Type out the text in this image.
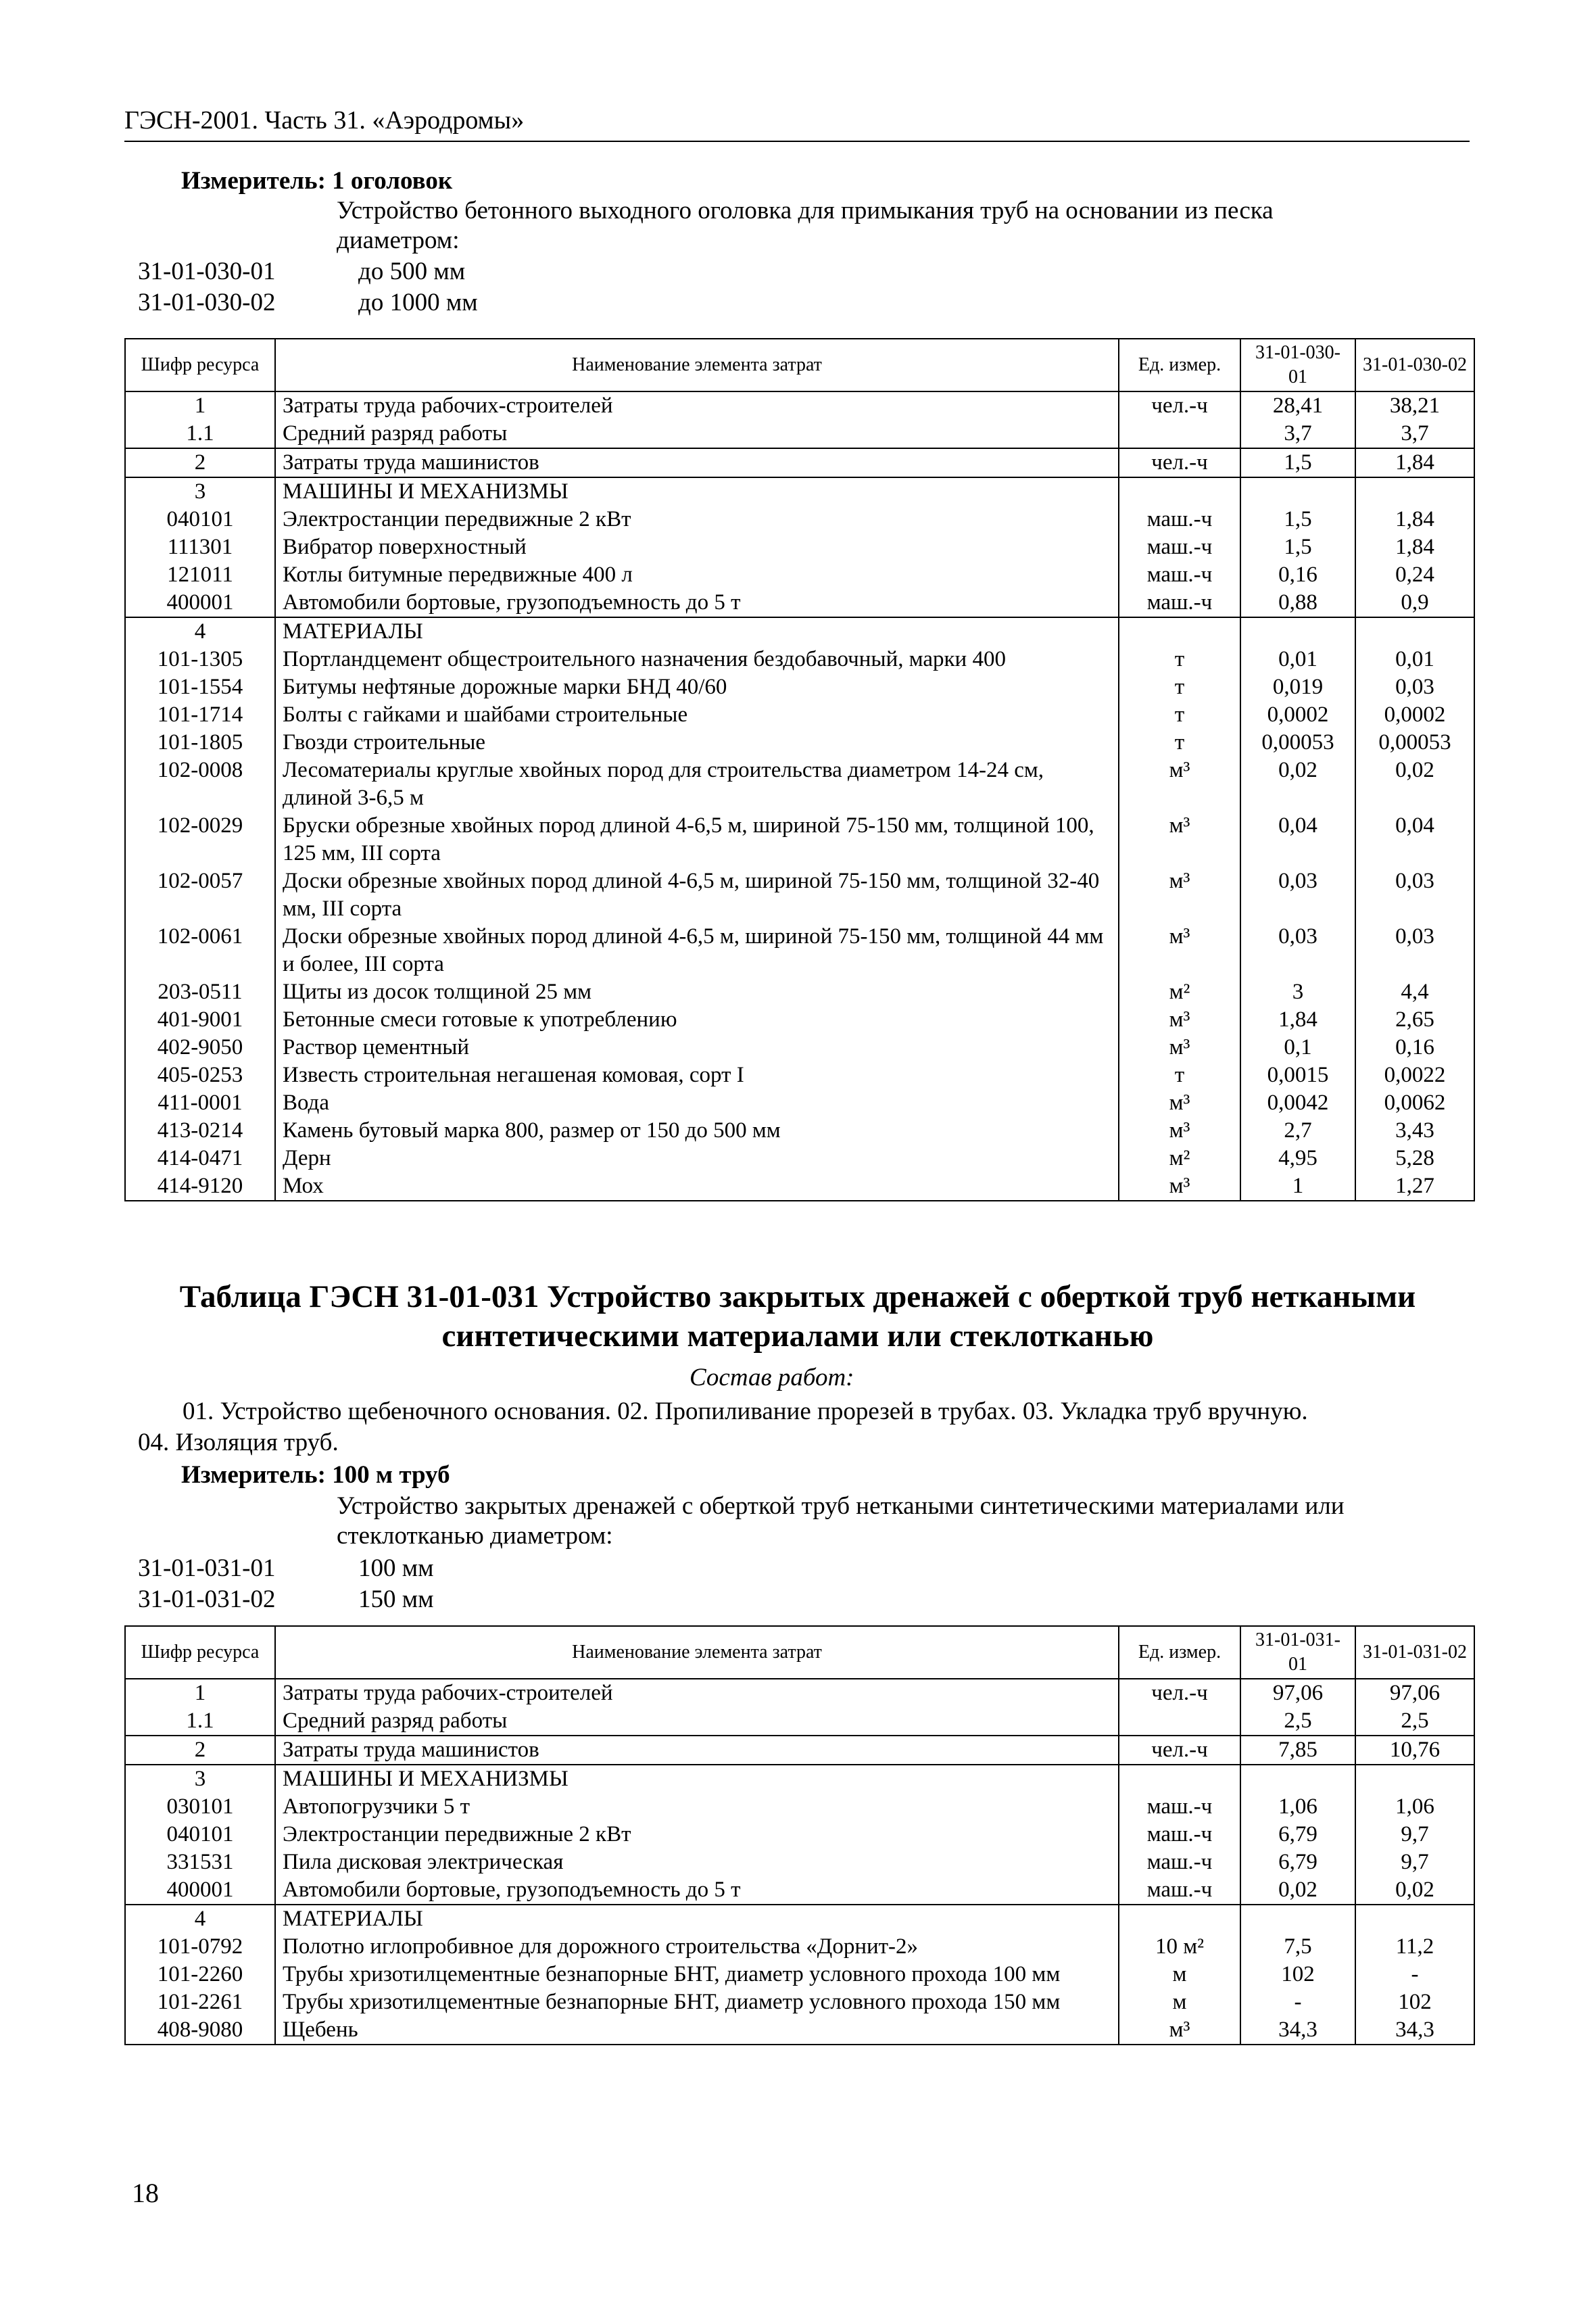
ГЭСН-2001. Часть 31. «Аэродромы»
Измеритель: 1 оголовок
Устройство бетонного выходного оголовка для примыкания труб на основании из песка
диаметром:
31-01-030-01	до 500 мм
31-01-030-02	до 1000 мм
Шифр ресурса	Наименование элемента затрат	Ед. измер.	31-01-030-01	31-01-030-02
1	Затраты труда рабочих-строителей	чел.-ч	28,41	38,21
1.1	Средний разряд работы		3,7	3,7
2	Затраты труда машинистов	чел.-ч	1,5	1,84
3	МАШИНЫ И МЕХАНИЗМЫ			
040101	Электростанции передвижные 2 кВт	маш.-ч	1,5	1,84
111301	Вибратор поверхностный	маш.-ч	1,5	1,84
121011	Котлы битумные передвижные 400 л	маш.-ч	0,16	0,24
400001	Автомобили бортовые, грузоподъемность до 5 т	маш.-ч	0,88	0,9
4	МАТЕРИАЛЫ			
101-1305	Портландцемент общестроительного назначения бездобавочный, марки 400	т	0,01	0,01
101-1554	Битумы нефтяные дорожные марки БНД 40/60	т	0,019	0,03
101-1714	Болты с гайками и шайбами строительные	т	0,0002	0,0002
101-1805	Гвозди строительные	т	0,00053	0,00053
102-0008	Лесоматериалы круглые хвойных пород для строительства диаметром 14-24 см, длиной 3-6,5 м	м³	0,02	0,02
102-0029	Бруски обрезные хвойных пород длиной 4-6,5 м, шириной 75-150 мм, толщиной 100, 125 мм, III сорта	м³	0,04	0,04
102-0057	Доски обрезные хвойных пород длиной 4-6,5 м, шириной 75-150 мм, толщиной 32-40 мм, III сорта	м³	0,03	0,03
102-0061	Доски обрезные хвойных пород длиной 4-6,5 м, шириной 75-150 мм, толщиной 44 мм и более, III сорта	м³	0,03	0,03
203-0511	Щиты из досок толщиной 25 мм	м²	3	4,4
401-9001	Бетонные смеси готовые к употреблению	м³	1,84	2,65
402-9050	Раствор цементный	м³	0,1	0,16
405-0253	Известь строительная негашеная комовая, сорт I	т	0,0015	0,0022
411-0001	Вода	м³	0,0042	0,0062
413-0214	Камень бутовый марка 800, размер от 150 до 500 мм	м³	2,7	3,43
414-0471	Дерн	м²	4,95	5,28
414-9120	Мох	м³	1	1,27
Таблица ГЭСН 31-01-031 Устройство закрытых дренажей с оберткой труб неткаными
синтетическими материалами или стеклотканью
Состав работ:
01. Устройство щебеночного основания. 02. Пропиливание прорезей в трубах. 03. Укладка труб вручную.
04. Изоляция труб.
Измеритель: 100 м труб
Устройство закрытых дренажей с оберткой труб неткаными синтетическими материалами или
стеклотканью диаметром:
31-01-031-01	100 мм
31-01-031-02	150 мм
Шифр ресурса	Наименование элемента затрат	Ед. измер.	31-01-031-01	31-01-031-02
1	Затраты труда рабочих-строителей	чел.-ч	97,06	97,06
1.1	Средний разряд работы		2,5	2,5
2	Затраты труда машинистов	чел.-ч	7,85	10,76
3	МАШИНЫ И МЕХАНИЗМЫ			
030101	Автопогрузчики 5 т	маш.-ч	1,06	1,06
040101	Электростанции передвижные 2 кВт	маш.-ч	6,79	9,7
331531	Пила дисковая электрическая	маш.-ч	6,79	9,7
400001	Автомобили бортовые, грузоподъемность до 5 т	маш.-ч	0,02	0,02
4	МАТЕРИАЛЫ			
101-0792	Полотно иглопробивное для дорожного строительства «Дорнит-2»	10 м²	7,5	11,2
101-2260	Трубы хризотилцементные безнапорные БНТ, диаметр условного прохода 100 мм	м	102	-
101-2261	Трубы хризотилцементные безнапорные БНТ, диаметр условного прохода 150 мм	м	-	102
408-9080	Щебень	м³	34,3	34,3
18
